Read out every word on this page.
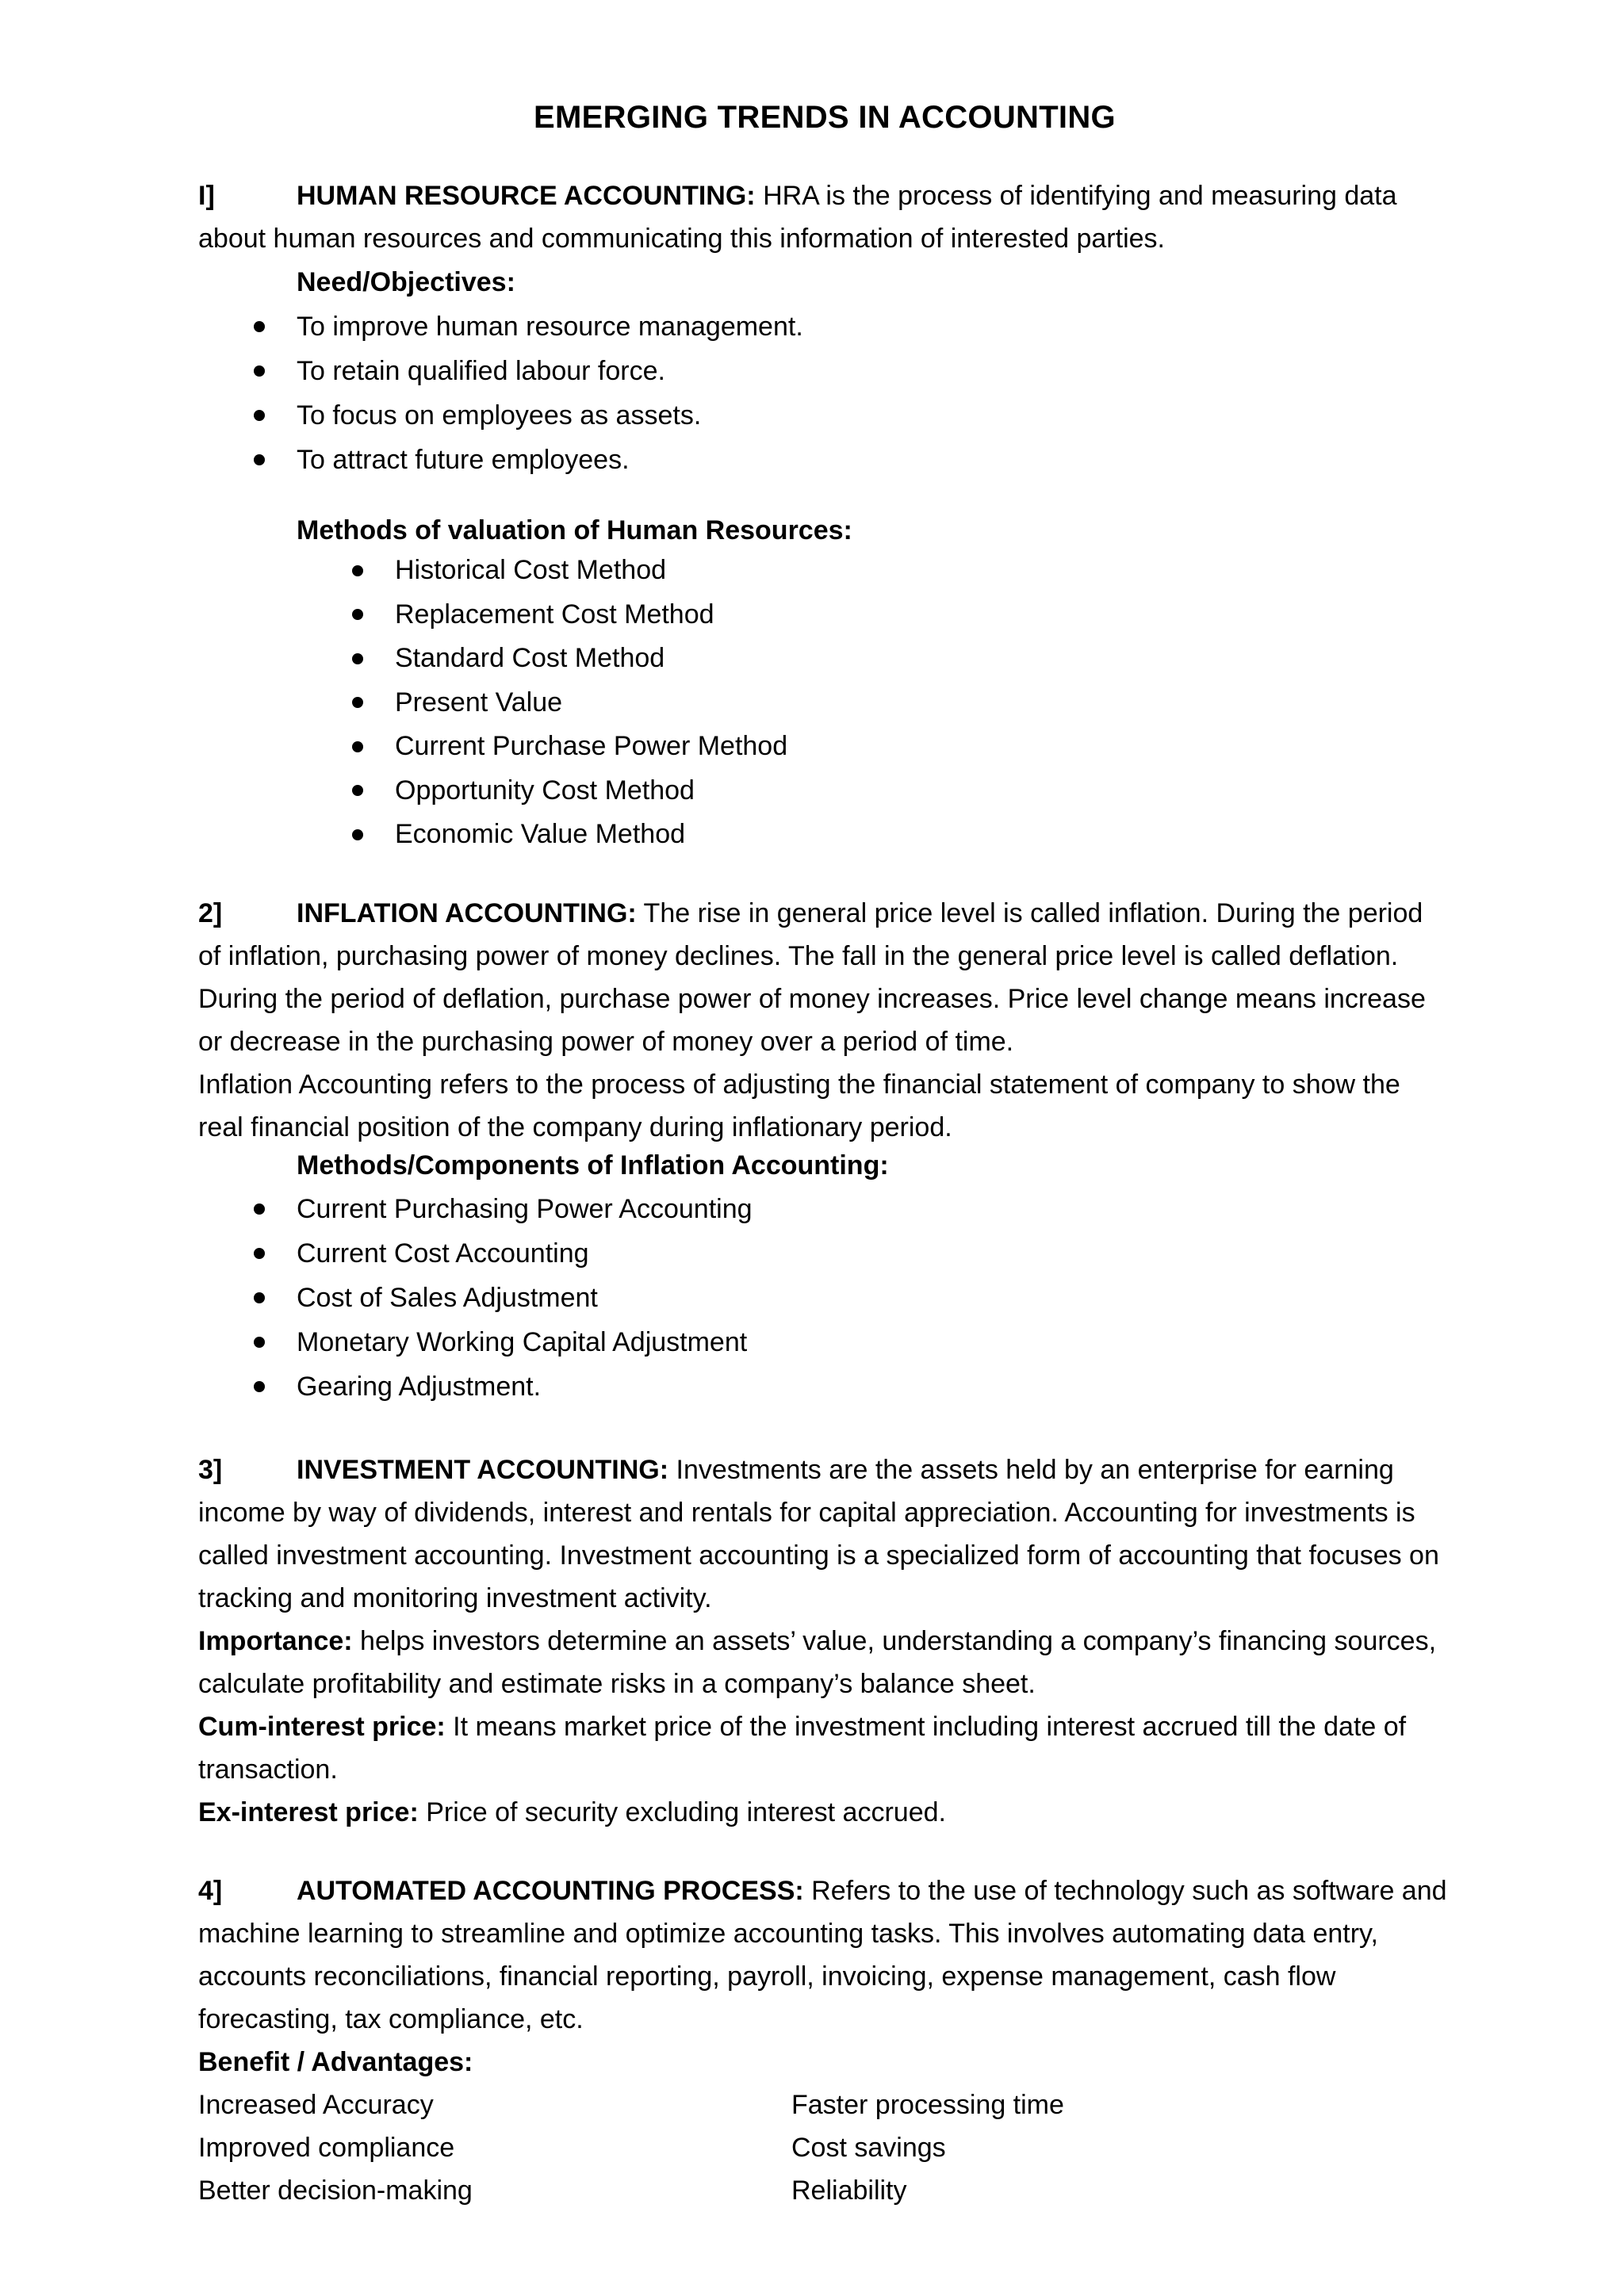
EMERGING TRENDS IN ACCOUNTING
I]	HUMAN RESOURCE ACCOUNTING: HRA is the process of identifying and measuring data about human resources and communicating this information of interested parties.
Need/Objectives:
To improve human resource management.
To retain qualified labour force.
To focus on employees as assets.
To attract future employees.
Methods of valuation of Human Resources:
Historical Cost Method
Replacement Cost Method
Standard Cost Method
Present Value
Current Purchase Power Method
Opportunity Cost Method
Economic Value Method
2]	INFLATION ACCOUNTING: The rise in general price level is called inflation. During the period of inflation, purchasing power of money declines. The fall in the general price level is called deflation. During the period of deflation, purchase power of money increases. Price level change means increase or decrease in the purchasing power of money over a period of time.
Inflation Accounting refers to the process of adjusting the financial statement of company to show the real financial position of the company during inflationary period.
Methods/Components of Inflation Accounting:
Current Purchasing Power Accounting
Current Cost Accounting
Cost of Sales Adjustment
Monetary Working Capital Adjustment
Gearing Adjustment.
3]	INVESTMENT ACCOUNTING: Investments are the assets held by an enterprise for earning income by way of dividends, interest and rentals for capital appreciation. Accounting for investments is called investment accounting. Investment accounting is a specialized form of accounting that focuses on tracking and monitoring investment activity.
Importance: helps investors determine an assets’ value, understanding a company’s financing sources, calculate profitability and estimate risks in a company’s balance sheet.
Cum-interest price: It means market price of the investment including interest accrued till the date of transaction.
Ex-interest price: Price of security excluding interest accrued.
4]	AUTOMATED ACCOUNTING PROCESS: Refers to the use of technology such as software and machine learning to streamline and optimize accounting tasks. This involves automating data entry, accounts reconciliations, financial reporting, payroll, invoicing, expense management, cash flow forecasting, tax compliance, etc.
Benefit / Advantages:
Increased Accuracy	Faster processing time
Improved compliance	Cost savings
Better decision-making	Reliability
